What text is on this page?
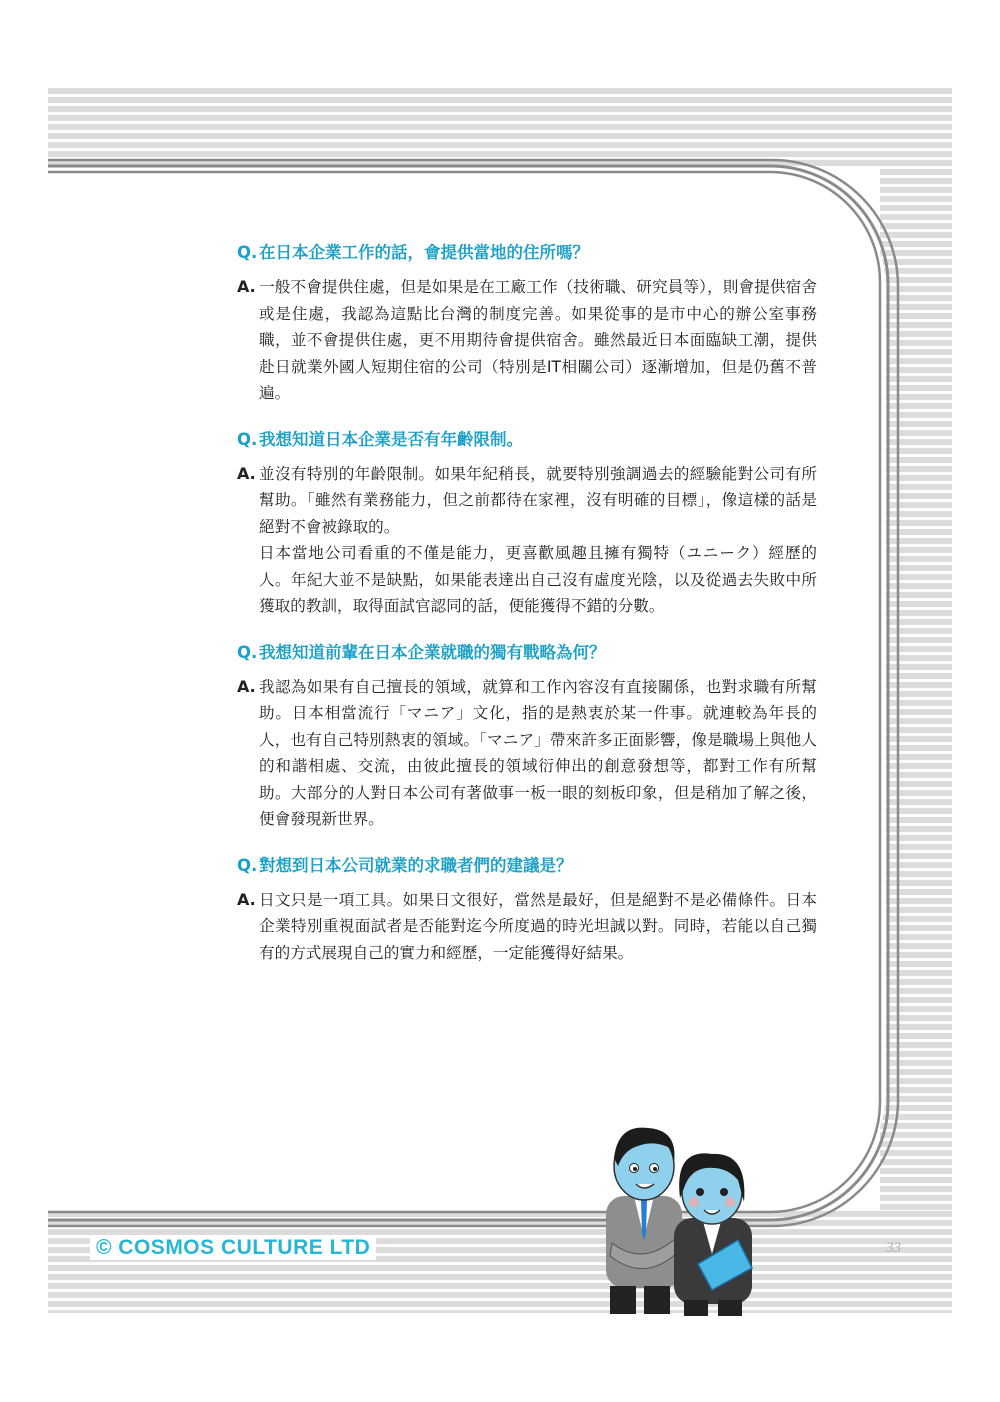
Q. 在日本企業工作的話，會提供當地的住所嗎？
A. 一般不會提供住處，但是如果是在工廠工作（技術職、研究員等），則會提供宿舍或是住處，我認為這點比台灣的制度完善。如果從事的是市中心的辦公室事務職，並不會提供住處，更不用期待會提供宿舍。雖然最近日本面臨缺工潮，提供赴日就業外國人短期住宿的公司（特別是IT相關公司）逐漸增加，但是仍舊不普遍。

Q. 我想知道日本企業是否有年齡限制。
A. 並沒有特別的年齡限制。如果年紀稍長，就要特別強調過去的經驗能對公司有所幫助。「雖然有業務能力，但之前都待在家裡，沒有明確的目標」，像這樣的話是絕對不會被錄取的。

日本當地公司看重的不僅是能力，更喜歡風趣且擁有獨特（ユニーク）經歷的人。年紀大並不是缺點，如果能表達出自己沒有虛度光陰，以及從過去失敗中所獲取的教訓，取得面試官認同的話，便能獲得不錯的分數。

Q. 我想知道前輩在日本企業就職的獨有戰略為何？
A. 我認為如果有自己擅長的領域，就算和工作內容沒有直接關係，也對求職有所幫助。日本相當流行「マニア」文化，指的是熱衷於某一件事。就連較為年長的人，也有自己特別熱衷的領域。「マニア」帶來許多正面影響，像是職場上與他人的和諧相處、交流，由彼此擅長的領域衍伸出的創意發想等，都對工作有所幫助。大部分的人對日本公司有著做事一板一眼的刻板印象，但是稍加了解之後，便會發現新世界。

Q. 對想到日本公司就業的求職者們的建議是？
A. 日文只是一項工具。如果日文很好，當然是最好，但是絕對不是必備條件。日本企業特別重視面試者是否能對迄今所度過的時光坦誠以對。同時，若能以自己獨有的方式展現自己的實力和經歷，一定能獲得好結果。

© COSMOS CULTURE LTD	33
